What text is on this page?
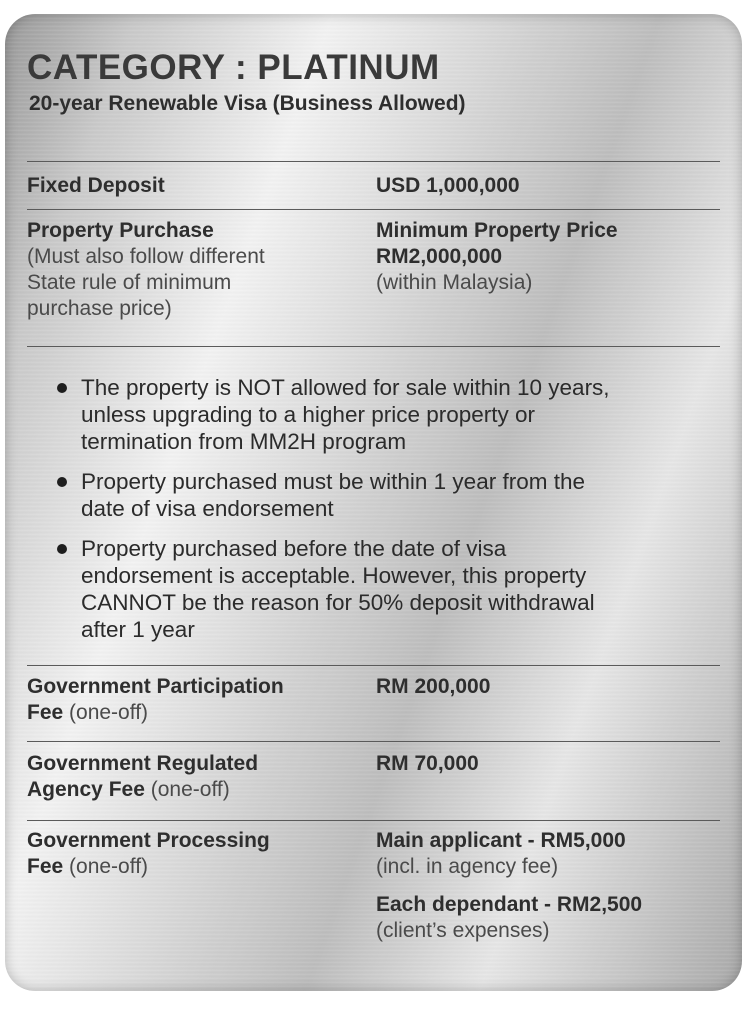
CATEGORY : PLATINUM
20-year Renewable Visa (Business Allowed)
Fixed Deposit	USD 1,000,000
Property Purchase
(Must also follow different
State rule of minimum
purchase price)
Minimum Property Price
RM2,000,000
(within Malaysia)
The property is NOT allowed for sale within 10 years,
unless upgrading to a higher price property or
termination from MM2H program
Property purchased must be within 1 year from the
date of visa endorsement
Property purchased before the date of visa
endorsement is acceptable. However, this property
CANNOT be the reason for 50% deposit withdrawal
after 1 year
Government Participation
Fee (one-off)
RM 200,000
Government Regulated
Agency Fee (one-off)
RM 70,000
Government Processing
Fee (one-off)
Main applicant - RM5,000
(incl. in agency fee)
Each dependant - RM2,500
(client’s expenses)
